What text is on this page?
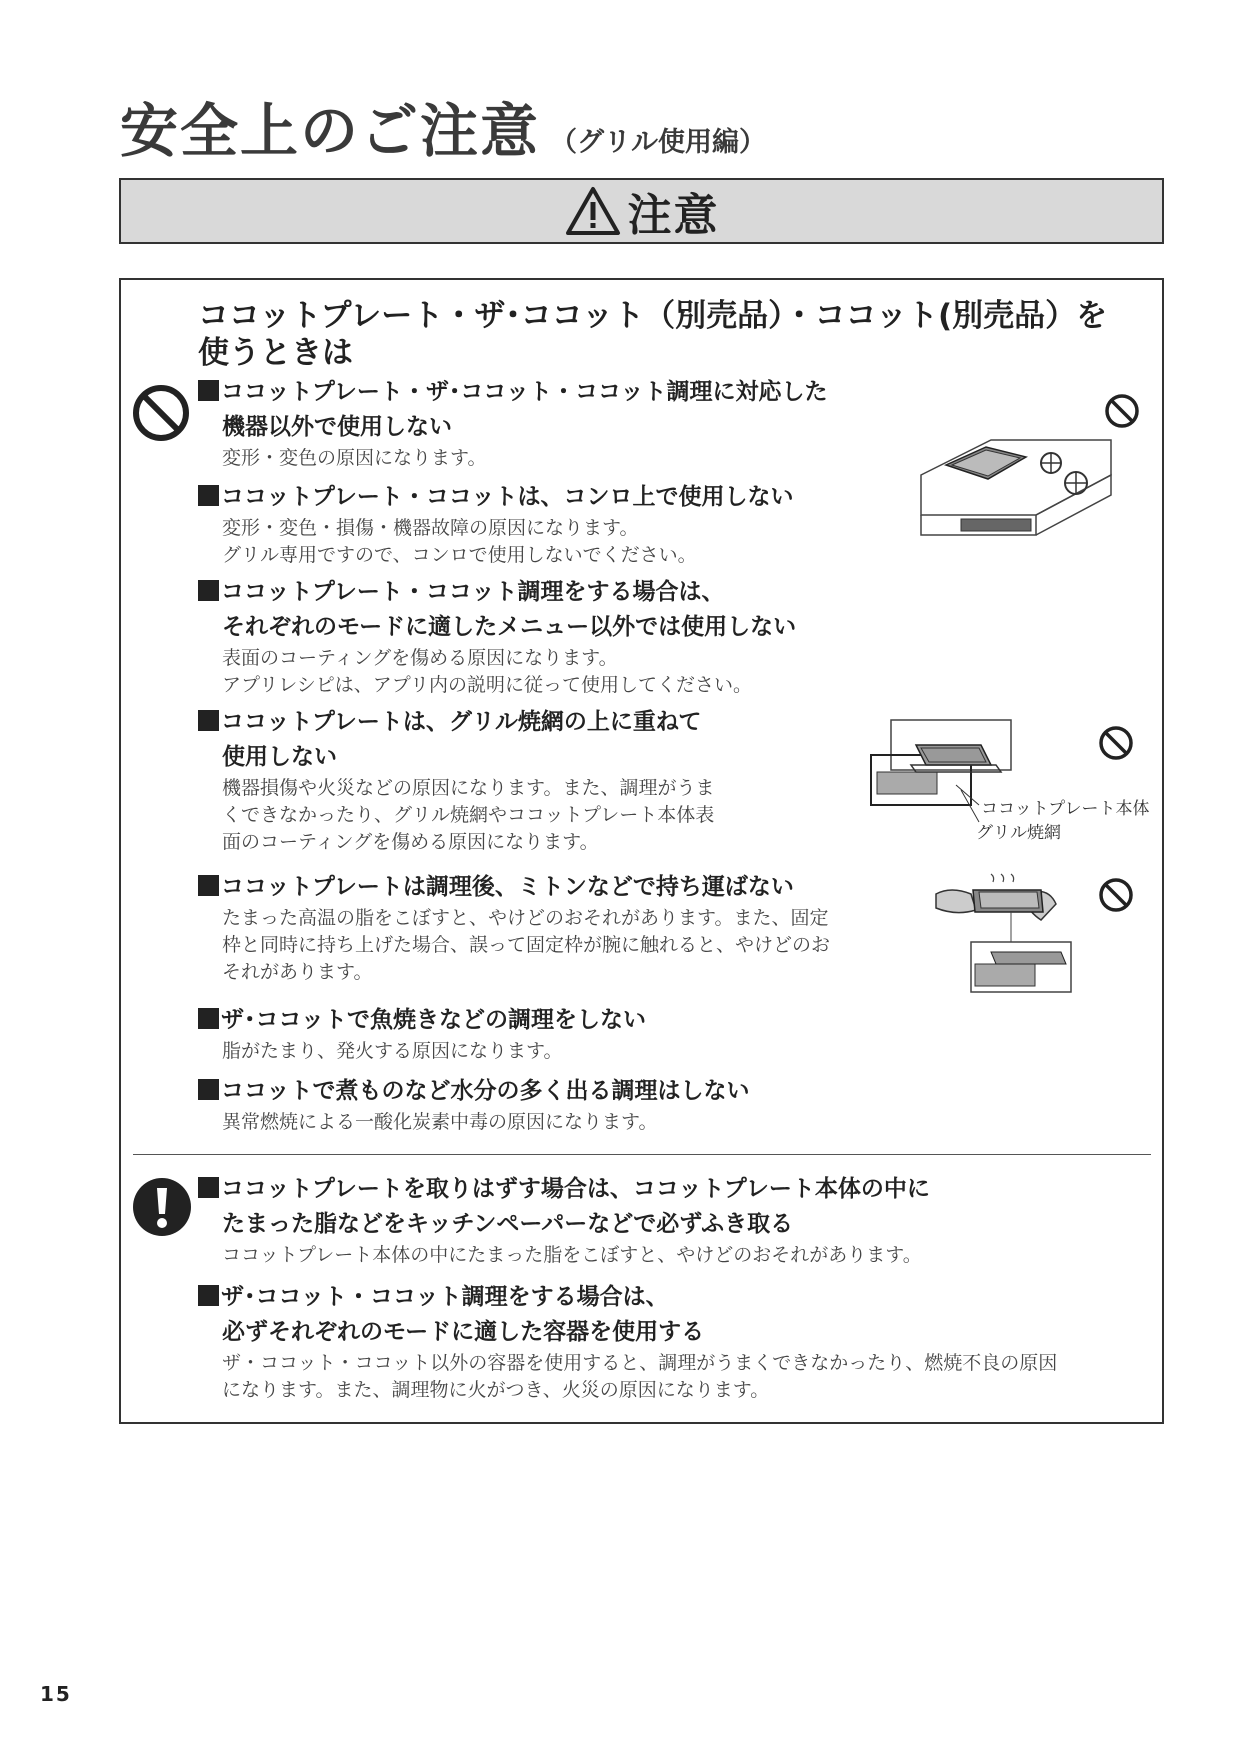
安全上のご注意 （グリル使用編）
注意
ココットプレート・ザ･ココット（別売品）・ココット(別売品）を使うときは
ココットプレート・ザ･ココット・ココット調理に対応した
機器以外で使用しない
変形・変色の原因になります。
ココットプレート・ココットは、コンロ上で使用しない
変形・変色・損傷・機器故障の原因になります。
グリル専用ですので、コンロで使用しないでください。
ココットプレート・ココット調理をする場合は、
それぞれのモードに適したメニュー以外では使用しない
表面のコーティングを傷める原因になります。
アプリレシピは、アプリ内の説明に従って使用してください。
ココットプレートは、グリル焼網の上に重ねて
使用しない
機器損傷や火災などの原因になります。また、調理がうま
くできなかったり、グリル焼網やココットプレート本体表
面のコーティングを傷める原因になります。
ココットプレートは調理後、ミトンなどで持ち運ばない
たまった高温の脂をこぼすと、やけどのおそれがあります。また、固定
枠と同時に持ち上げた場合、誤って固定枠が腕に触れると、やけどのお
それがあります。
ザ･ココットで魚焼きなどの調理をしない
脂がたまり、発火する原因になります。
ココットで煮ものなど水分の多く出る調理はしない
異常燃焼による一酸化炭素中毒の原因になります。
ココットプレート本体
グリル焼網
ココットプレートを取りはずす場合は、ココットプレート本体の中に
たまった脂などをキッチンペーパーなどで必ずふき取る
ココットプレート本体の中にたまった脂をこぼすと、やけどのおそれがあります。
ザ･ココット・ココット調理をする場合は、
必ずそれぞれのモードに適した容器を使用する
ザ・ココット・ココット以外の容器を使用すると、調理がうまくできなかったり、燃焼不良の原因
になります。また、調理物に火がつき、火災の原因になります。
15
